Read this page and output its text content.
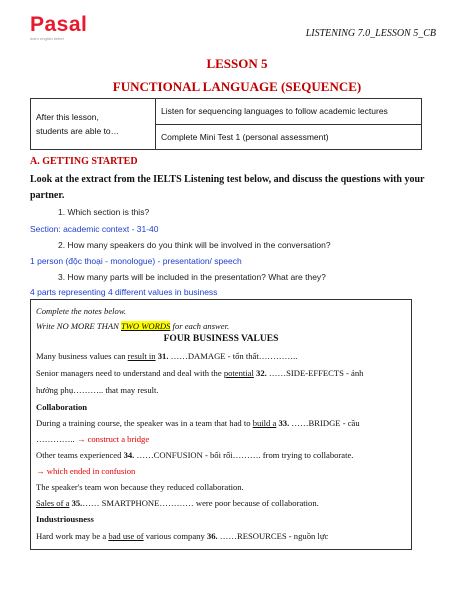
Pasal
learn english better	LISTENING 7.0_LESSON 5_CB
LESSON 5
FUNCTIONAL LANGUAGE (SEQUENCE)
After this lesson,
students are able to…	Listen for sequencing languages to follow academic lectures
Complete Mini Test 1 (personal assessment)
A. GETTING STARTED
Look at the extract from the IELTS Listening test below, and discuss the questions with your partner.
1. Which section is this?
Section: academic context - 31-40
2. How many speakers do you think will be involved in the conversation?
1 person (độc thoại - monologue) - presentation/ speech
3. How many parts will be included in the presentation? What are they?
4 parts representing 4 different values in business
Complete the notes below.
Write NO MORE THAN TWO WORDS for each answer.
FOUR BUSINESS VALUES
Many business values can result in 31. ……DAMAGE - tổn thất…………..
Senior managers need to understand and deal with the potential 32. ……SIDE-EFFECTS - ảnh
hưởng phụ……….. that may result.
Collaboration
During a training course, the speaker was in a team that had to build a 33. ……BRIDGE - cầu
………….. → construct a bridge
Other teams experienced 34. ……CONFUSION - bối rối………. from trying to collaborate.
→ which ended in confusion
The speaker's team won because they reduced collaboration.
Sales of a 35.…… SMARTPHONE………… were poor because of collaboration.
Industriousness
Hard work may be a bad use of various company 36. ……RESOURCES - nguồn lực
